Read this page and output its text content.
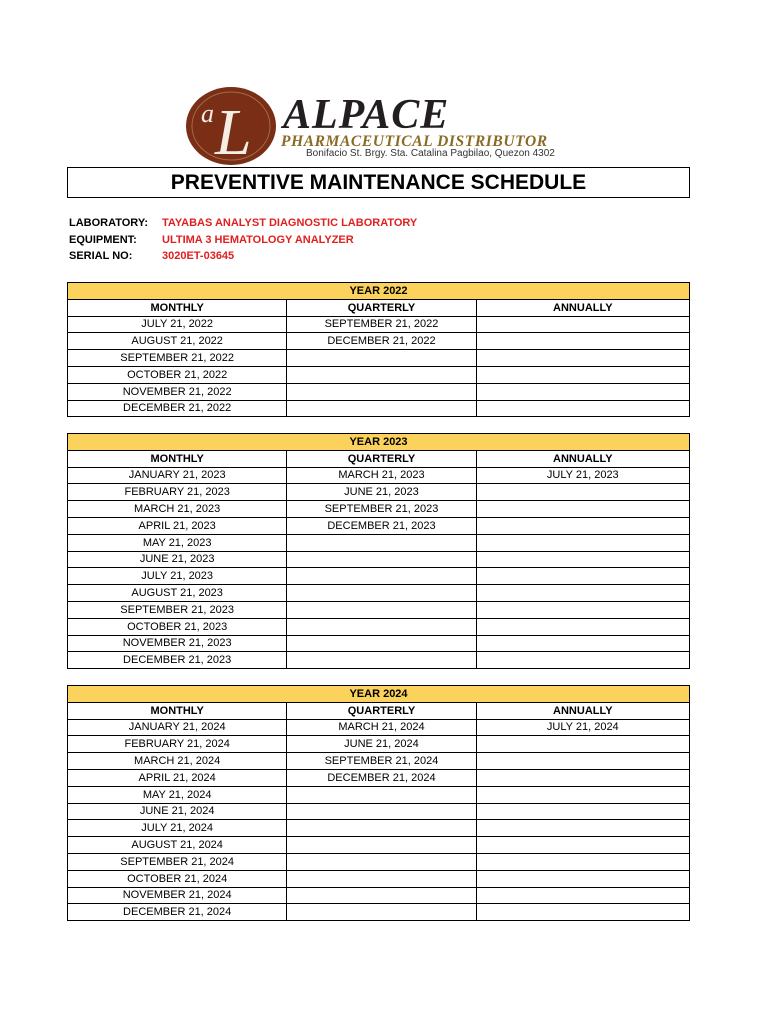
a L ALPACE
PHARMACEUTICAL DISTRIBUTOR
Bonifacio St. Brgy. Sta. Catalina Pagbilao, Quezon 4302
PREVENTIVE MAINTENANCE SCHEDULE
LABORATORY:	TAYABAS ANALYST DIAGNOSTIC LABORATORY
EQUIPMENT:	ULTIMA 3 HEMATOLOGY ANALYZER
SERIAL NO:	3020ET-03645
YEAR 2022		
MONTHLY	QUARTERLY	ANNUALLY
JULY 21, 2022	SEPTEMBER 21, 2022	
AUGUST 21, 2022	DECEMBER 21, 2022	
SEPTEMBER 21, 2022		
OCTOBER 21, 2022		
NOVEMBER 21, 2022		
DECEMBER 21, 2022		
YEAR 2023		
MONTHLY	QUARTERLY	ANNUALLY
JANUARY 21, 2023	MARCH 21, 2023	JULY 21, 2023
FEBRUARY 21, 2023	JUNE 21, 2023	
MARCH 21, 2023	SEPTEMBER 21, 2023	
APRIL 21, 2023	DECEMBER 21, 2023	
MAY 21, 2023		
JUNE 21, 2023		
JULY 21, 2023		
AUGUST 21, 2023		
SEPTEMBER 21, 2023		
OCTOBER 21, 2023		
NOVEMBER 21, 2023		
DECEMBER 21, 2023		
YEAR 2024		
MONTHLY	QUARTERLY	ANNUALLY
JANUARY 21, 2024	MARCH 21, 2024	JULY 21, 2024
FEBRUARY 21, 2024	JUNE 21, 2024	
MARCH 21, 2024	SEPTEMBER 21, 2024	
APRIL 21, 2024	DECEMBER 21, 2024	
MAY 21, 2024		
JUNE 21, 2024		
JULY 21, 2024		
AUGUST 21, 2024		
SEPTEMBER 21, 2024		
OCTOBER 21, 2024		
NOVEMBER 21, 2024		
DECEMBER 21, 2024		
